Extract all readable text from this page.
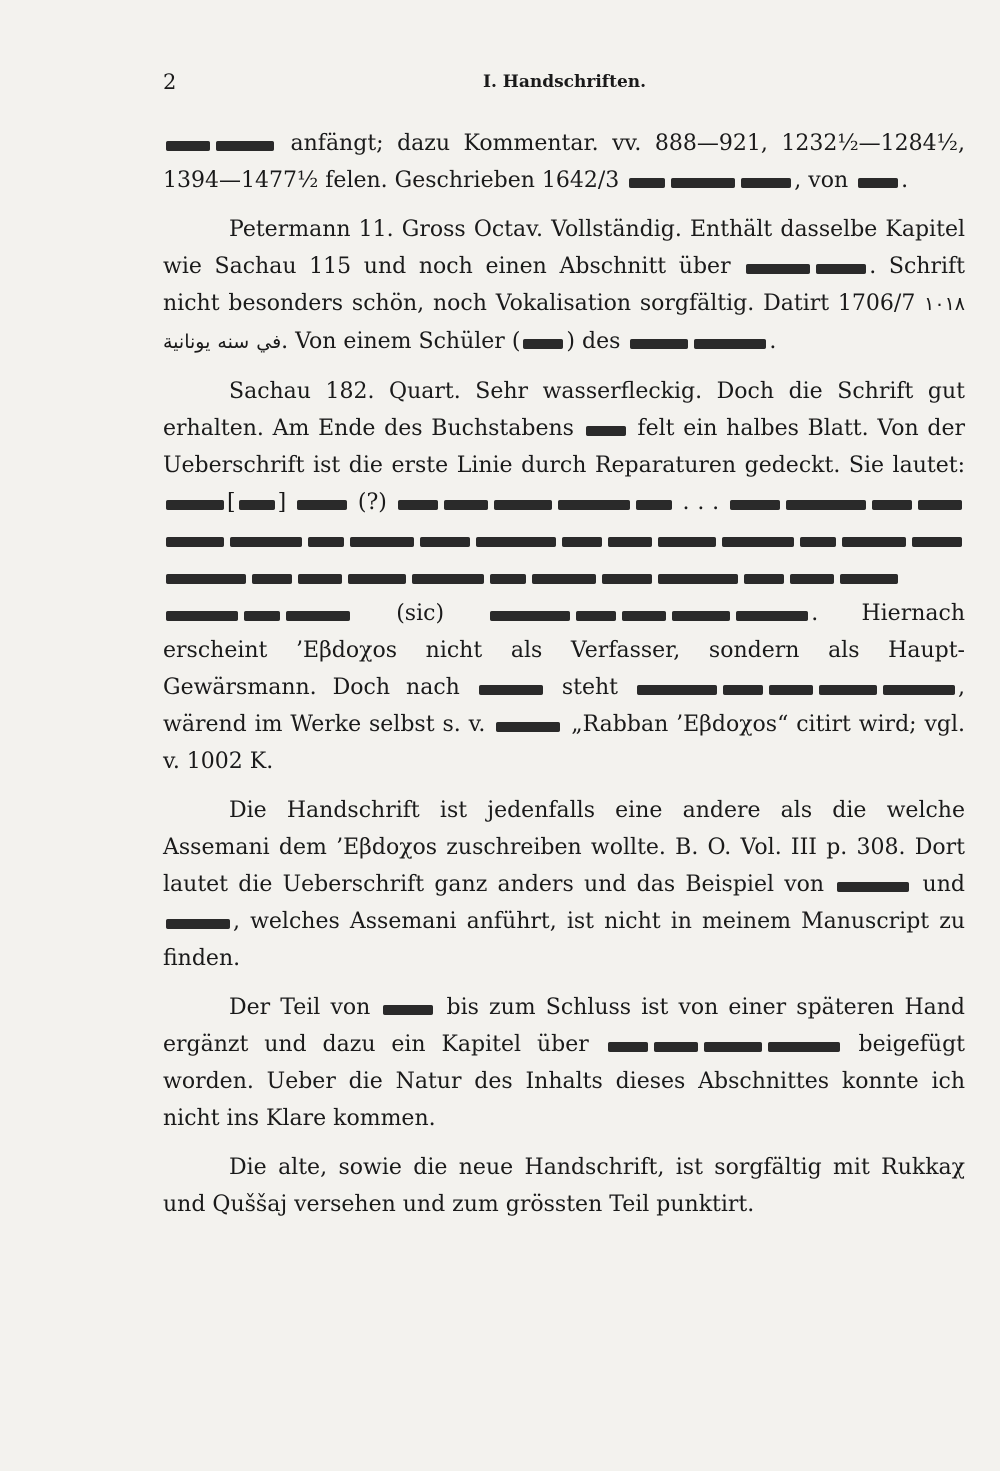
2	I. Handschriften.

anfängt; dazu Kommentar. vv. 888—921, 1232½—1284½, 1394—1477½ felen. Geschrieben 1642/3	, von .

Petermann 11. Gross Octav. Vollständig. Enthält dasselbe Kapitel wie Sachau 115 und noch einen Abschnitt über	. Schrift nicht besonders schön, noch Vokalisation sorgfältig. Datirt 1706/7 ۱۰۱۸ يونانية سنه في. Von einem Schüler ( ) des	.

Sachau 182. Quart. Sehr wasserfleckig. Doch die Schrift gut erhalten. Am Ende des Buchstabens  felt ein halbes Blatt. Von der Ueberschrift ist die erste Linie durch Reparaturen gedeckt. Sie lautet: [ ]	(?)	. . .  (sic)	. Hiernach erscheint ’Eβdoχos nicht als Verfasser, sondern als Haupt-Gewärsmann. Doch nach	steht	, wärend im Werke selbst s. v.	„Rabban ’Eβdoχos“ citirt wird; vgl. v. 1002 K.

Die Handschrift ist jedenfalls eine andere als die welche Assemani dem ’Eβdoχos zuschreiben wollte. B. O. Vol. III p. 308. Dort lautet die Ueberschrift ganz anders und das Beispiel von	und , welches Assemani anführt, ist nicht in meinem Manuscript zu finden.

Der Teil von	bis zum Schluss ist von einer späteren Hand ergänzt und dazu ein Kapitel über	beigefügt worden. Ueber die Natur des Inhalts dieses Abschnittes konnte ich nicht ins Klare kommen.

Die alte, sowie die neue Handschrift, ist sorgfältig mit Rukkaχ und Quššaj versehen und zum grössten Teil punktirt.
